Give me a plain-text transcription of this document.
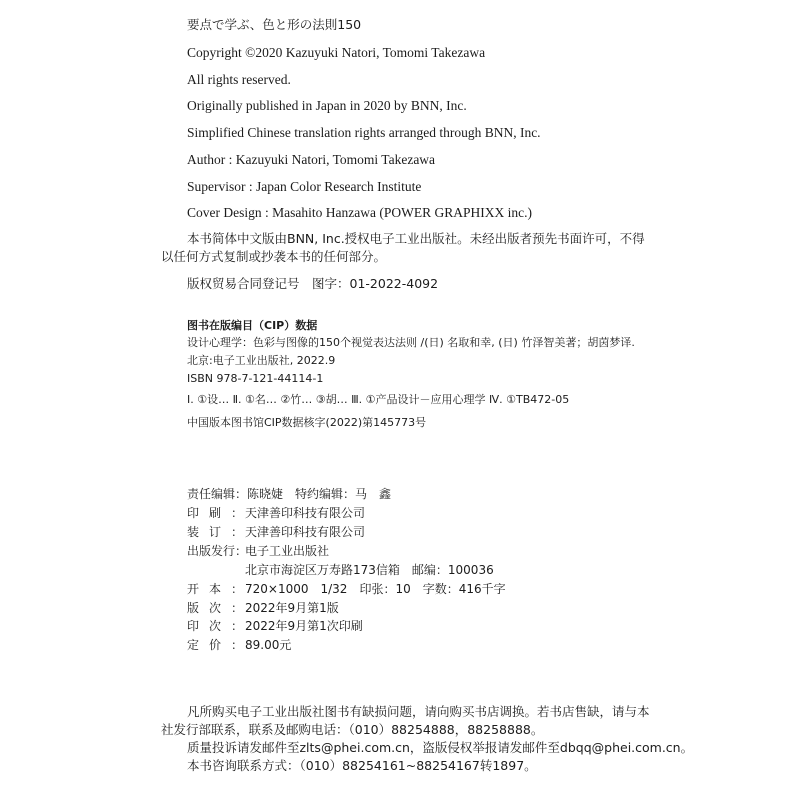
要点で学ぶ、色と形の法則150
Copyright ©2020 Kazuyuki Natori, Tomomi Takezawa
All rights reserved.
Originally published in Japan in 2020 by BNN, Inc.
Simplified Chinese translation rights arranged through BNN, Inc.
Author : Kazuyuki Natori, Tomomi Takezawa
Supervisor : Japan Color Research Institute
Cover Design : Masahito Hanzawa (POWER GRAPHIXX inc.)
本书简体中文版由BNN, Inc.授权电子工业出版社。未经出版者预先书面许可，不得
以任何方式复制或抄袭本书的任何部分。
版权贸易合同登记号　图字：01-2022-4092
图书在版编目（CIP）数据
设计心理学：色彩与图像的150个视觉表达法则 /(日) 名取和幸, (日) 竹泽智美著；胡茵梦译.
北京:电子工业出版社, 2022.9
ISBN 978-7-121-44114-1
Ⅰ. ①设… Ⅱ. ①名… ②竹… ③胡… Ⅲ. ①产品设计－应用心理学 Ⅳ. ①TB472-05
中国版本图书馆CIP数据核字(2022)第145773号
责任编辑：陈晓婕　特约编辑：马　鑫
印刷： 天津善印科技有限公司
装订： 天津善印科技有限公司
出版发行：
电子工业出版社
北京市海淀区万寿路173信箱　邮编：100036
开本： 720×1000　1/32　印张：10　字数：416千字
版次： 2022年9月第1版
印次： 2022年9月第1次印刷
定价： 89.00元
凡所购买电子工业出版社图书有缺损问题，请向购买书店调换。若书店售缺，请与本
社发行部联系，联系及邮购电话：（010）88254888，88258888。
质量投诉请发邮件至zlts@phei.com.cn，盗版侵权举报请发邮件至dbqq@phei.com.cn。
本书咨询联系方式：（010）88254161~88254167转1897。
